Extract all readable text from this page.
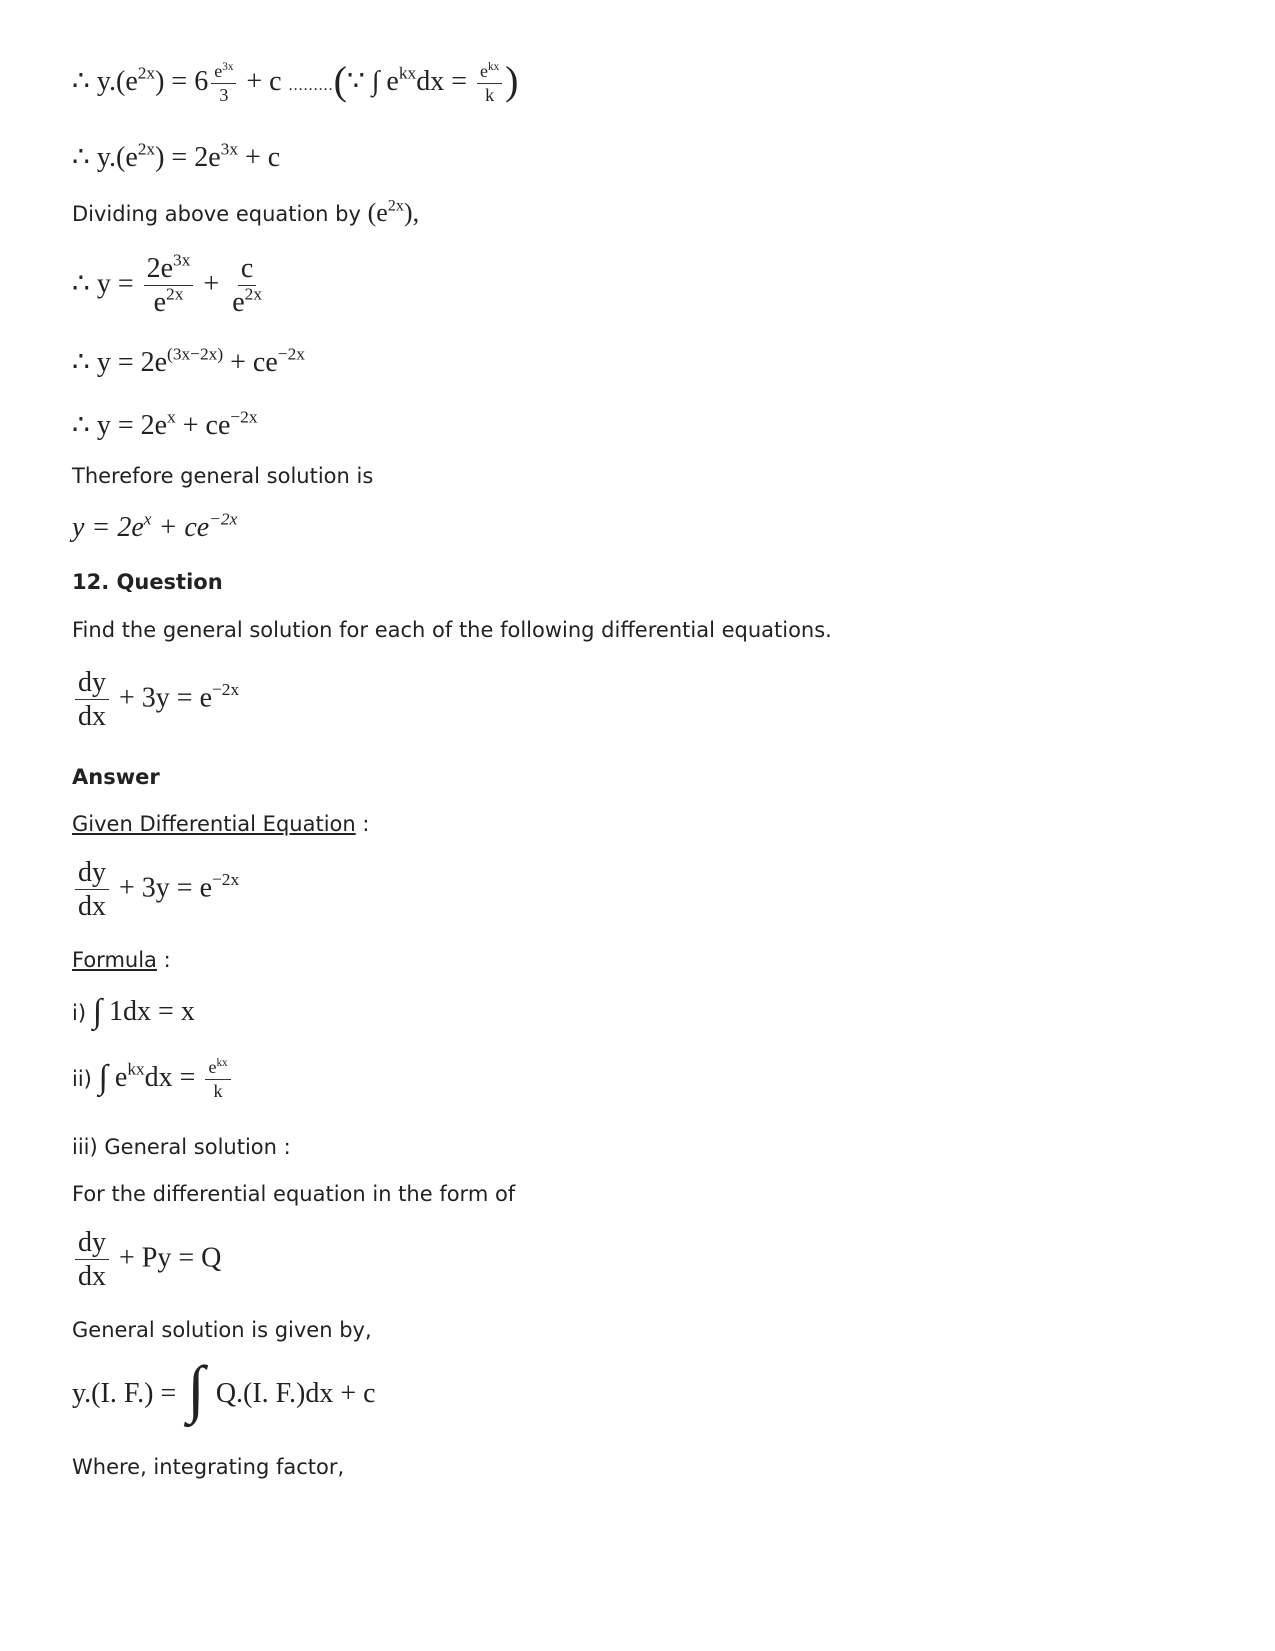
∴ $y.(e^{2x}) = 6 \frac{e^{3x}}{3} + c$ .........(∵ ∫ $e^{kx}dx = \frac{e^{kx}}{k}$ )
∴ $y.(e^{2x}) = 2e^{3x} + c$
Dividing above equation by $(e^{2x})$,
∴ $y = \frac{2e^{3x}}{e^{2x}} + \frac{c}{e^{2x}}$
∴ $y = 2e^{(3x-2x)} + ce^{-2x}$
∴ $y = 2e^x + ce^{-2x}$
Therefore general solution is
$y = 2e^x + ce^{-2x}$
12. Question
Find the general solution for each of the following differential equations.
$\frac{dy}{dx} + 3y = e^{-2x}$
Answer
Given Differential Equation :
$\frac{dy}{dx} + 3y = e^{-2x}$
Formula :
i) ∫ 1dx = x
ii) ∫ $e^{kx}dx = \frac{e^{kx}}{k}$
iii) General solution :
For the differential equation in the form of
$\frac{dy}{dx} + Py = Q$
General solution is given by,
y.(I. F.) = ∫ Q.(I. F.)dx + c
Where, integrating factor,
